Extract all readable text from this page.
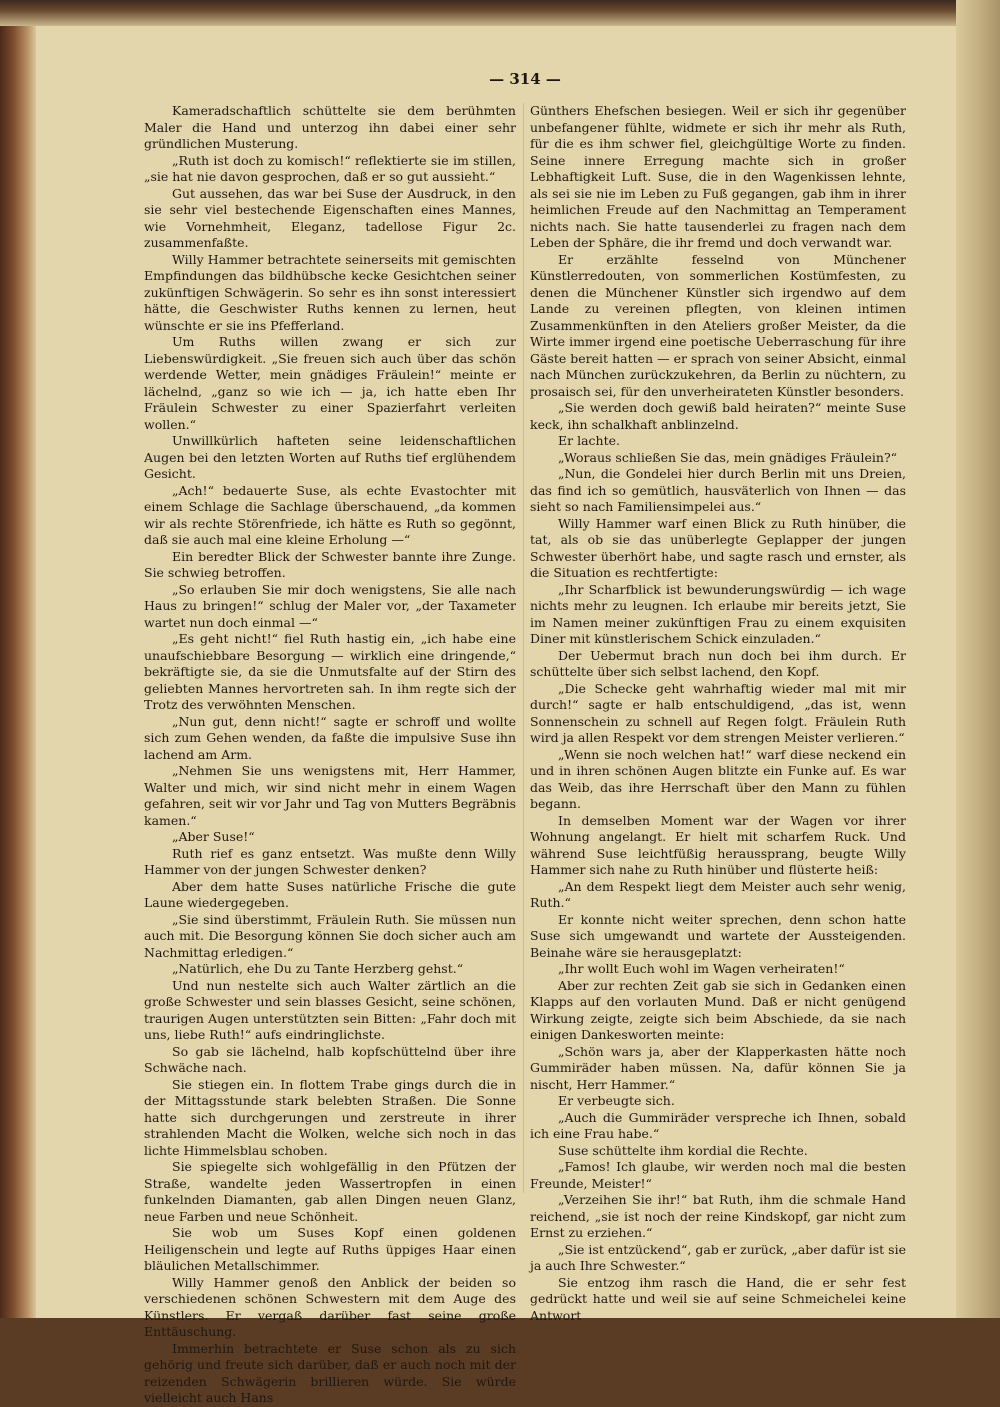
— 314 —

Kameradschaftlich schüttelte sie dem berühmten Maler die Hand und unterzog ihn dabei einer sehr gründlichen Musterung.

„Ruth ist doch zu komisch!“ reflektierte sie im stillen, „sie hat nie davon gesprochen, daß er so gut aussieht.“

Gut aussehen, das war bei Suse der Ausdruck, in den sie sehr viel bestechende Eigenschaften eines Mannes, wie Vornehmheit, Eleganz, tadellose Figur 2c. zusammenfaßte.

Willy Hammer betrachtete seinerseits mit gemischten Empfindungen das bildhübsche kecke Gesichtchen seiner zukünftigen Schwägerin. So sehr es ihn sonst interessiert hätte, die Geschwister Ruths kennen zu lernen, heut wünschte er sie ins Pfefferland.

Um Ruths willen zwang er sich zur Liebenswürdigkeit. „Sie freuen sich auch über das schön werdende Wetter, mein gnädiges Fräulein!“ meinte er lächelnd, „ganz so wie ich — ja, ich hatte eben Ihr Fräulein Schwester zu einer Spazierfahrt verleiten wollen.“

Unwillkürlich hafteten seine leidenschaftlichen Augen bei den letzten Worten auf Ruths tief erglühendem Gesicht.

„Ach!“ bedauerte Suse, als echte Evastochter mit einem Schlage die Sachlage überschauend, „da kommen wir als rechte Störenfriede, ich hätte es Ruth so gegönnt, daß sie auch mal eine kleine Erholung —“

Ein beredter Blick der Schwester bannte ihre Zunge. Sie schwieg betroffen.

„So erlauben Sie mir doch wenigstens, Sie alle nach Haus zu bringen!“ schlug der Maler vor, „der Taxameter wartet nun doch einmal —“

„Es geht nicht!“ fiel Ruth hastig ein, „ich habe eine unaufschiebbare Besorgung — wirklich eine dringende,“ bekräftigte sie, da sie die Unmutsfalte auf der Stirn des geliebten Mannes hervortreten sah. In ihm regte sich der Trotz des verwöhnten Menschen.

„Nun gut, denn nicht!“ sagte er schroff und wollte sich zum Gehen wenden, da faßte die impulsive Suse ihn lachend am Arm.

„Nehmen Sie uns wenigstens mit, Herr Hammer, Walter und mich, wir sind nicht mehr in einem Wagen gefahren, seit wir vor Jahr und Tag von Mutters Begräbnis kamen.“

„Aber Suse!“

Ruth rief es ganz entsetzt. Was mußte denn Willy Hammer von der jungen Schwester denken?

Aber dem hatte Suses natürliche Frische die gute Laune wiedergegeben.

„Sie sind überstimmt, Fräulein Ruth. Sie müssen nun auch mit. Die Besorgung können Sie doch sicher auch am Nachmittag erledigen.“

„Natürlich, ehe Du zu Tante Herzberg gehst.“

Und nun nestelte sich auch Walter zärtlich an die große Schwester und sein blasses Gesicht, seine schönen, traurigen Augen unterstützten sein Bitten: „Fahr doch mit uns, liebe Ruth!“ aufs eindringlichste.

So gab sie lächelnd, halb kopfschüttelnd über ihre Schwäche nach.

Sie stiegen ein. In flottem Trabe gings durch die in der Mittagsstunde stark belebten Straßen. Die Sonne hatte sich durchgerungen und zerstreute in ihrer strahlenden Macht die Wolken, welche sich noch in das lichte Himmelsblau schoben.

Sie spiegelte sich wohlgefällig in den Pfützen der Straße, wandelte jeden Wassertropfen in einen funkelnden Diamanten, gab allen Dingen neuen Glanz, neue Farben und neue Schönheit.

Sie wob um Suses Kopf einen goldenen Heiligenschein und legte auf Ruths üppiges Haar einen bläulichen Metallschimmer.

Willy Hammer genoß den Anblick der beiden so verschiedenen schönen Schwestern mit dem Auge des Künstlers. Er vergaß darüber fast seine große Enttäuschung.

Immerhin betrachtete er Suse schon als zu sich gehörig und freute sich darüber, daß er auch noch mit der reizenden Schwägerin brillieren würde. Sie würde vielleicht auch Hans

Günthers Ehefschen besiegen. Weil er sich ihr gegenüber unbefangener fühlte, widmete er sich ihr mehr als Ruth, für die es ihm schwer fiel, gleichgültige Worte zu finden. Seine innere Erregung machte sich in großer Lebhaftigkeit Luft. Suse, die in den Wagenkissen lehnte, als sei sie nie im Leben zu Fuß gegangen, gab ihm in ihrer heimlichen Freude auf den Nachmittag an Temperament nichts nach. Sie hatte tausenderlei zu fragen nach dem Leben der Sphäre, die ihr fremd und doch verwandt war.

Er erzählte fesselnd von Münchener Künstlerredouten, von sommerlichen Kostümfesten, zu denen die Münchener Künstler sich irgendwo auf dem Lande zu vereinen pflegten, von kleinen intimen Zusammenkünften in den Ateliers großer Meister, da die Wirte immer irgend eine poetische Ueberraschung für ihre Gäste bereit hatten — er sprach von seiner Absicht, einmal nach München zurückzukehren, da Berlin zu nüchtern, zu prosaisch sei, für den unverheirateten Künstler besonders.

„Sie werden doch gewiß bald heiraten?“ meinte Suse keck, ihn schalkhaft anblinzelnd.

Er lachte.

„Woraus schließen Sie das, mein gnädiges Fräulein?“

„Nun, die Gondelei hier durch Berlin mit uns Dreien, das find ich so gemütlich, hausväterlich von Ihnen — das sieht so nach Familiensimpelei aus.“

Willy Hammer warf einen Blick zu Ruth hinüber, die tat, als ob sie das unüberlegte Geplapper der jungen Schwester überhört habe, und sagte rasch und ernster, als die Situation es rechtfertigte:

„Ihr Scharfblick ist bewunderungswürdig — ich wage nichts mehr zu leugnen. Ich erlaube mir bereits jetzt, Sie im Namen meiner zukünftigen Frau zu einem exquisiten Diner mit künstlerischem Schick einzuladen.“

Der Uebermut brach nun doch bei ihm durch. Er schüttelte über sich selbst lachend, den Kopf.

„Die Schecke geht wahrhaftig wieder mal mit mir durch!“ sagte er halb entschuldigend, „das ist, wenn Sonnenschein zu schnell auf Regen folgt. Fräulein Ruth wird ja allen Respekt vor dem strengen Meister verlieren.“

„Wenn sie noch welchen hat!“ warf diese neckend ein und in ihren schönen Augen blitzte ein Funke auf. Es war das Weib, das ihre Herrschaft über den Mann zu fühlen begann.

In demselben Moment war der Wagen vor ihrer Wohnung angelangt. Er hielt mit scharfem Ruck. Und während Suse leichtfüßig heraussprang, beugte Willy Hammer sich nahe zu Ruth hinüber und flüsterte heiß:

„An dem Respekt liegt dem Meister auch sehr wenig, Ruth.“

Er konnte nicht weiter sprechen, denn schon hatte Suse sich umgewandt und wartete der Aussteigenden. Beinahe wäre sie herausgeplatzt:

„Ihr wollt Euch wohl im Wagen verheiraten!“

Aber zur rechten Zeit gab sie sich in Gedanken einen Klapps auf den vorlauten Mund. Daß er nicht genügend Wirkung zeigte, zeigte sich beim Abschiede, da sie nach einigen Dankesworten meinte:

„Schön wars ja, aber der Klapperkasten hätte noch Gummiräder haben müssen. Na, dafür können Sie ja nischt, Herr Hammer.“

Er verbeugte sich.

„Auch die Gummiräder verspreche ich Ihnen, sobald ich eine Frau habe.“

Suse schüttelte ihm kordial die Rechte.

„Famos! Ich glaube, wir werden noch mal die besten Freunde, Meister!“

„Verzeihen Sie ihr!“ bat Ruth, ihm die schmale Hand reichend, „sie ist noch der reine Kindskopf, gar nicht zum Ernst zu erziehen.“

„Sie ist entzückend“, gab er zurück, „aber dafür ist sie ja auch Ihre Schwester.“

Sie entzog ihm rasch die Hand, die er sehr fest gedrückt hatte und weil sie auf seine Schmeichelei keine Antwort
